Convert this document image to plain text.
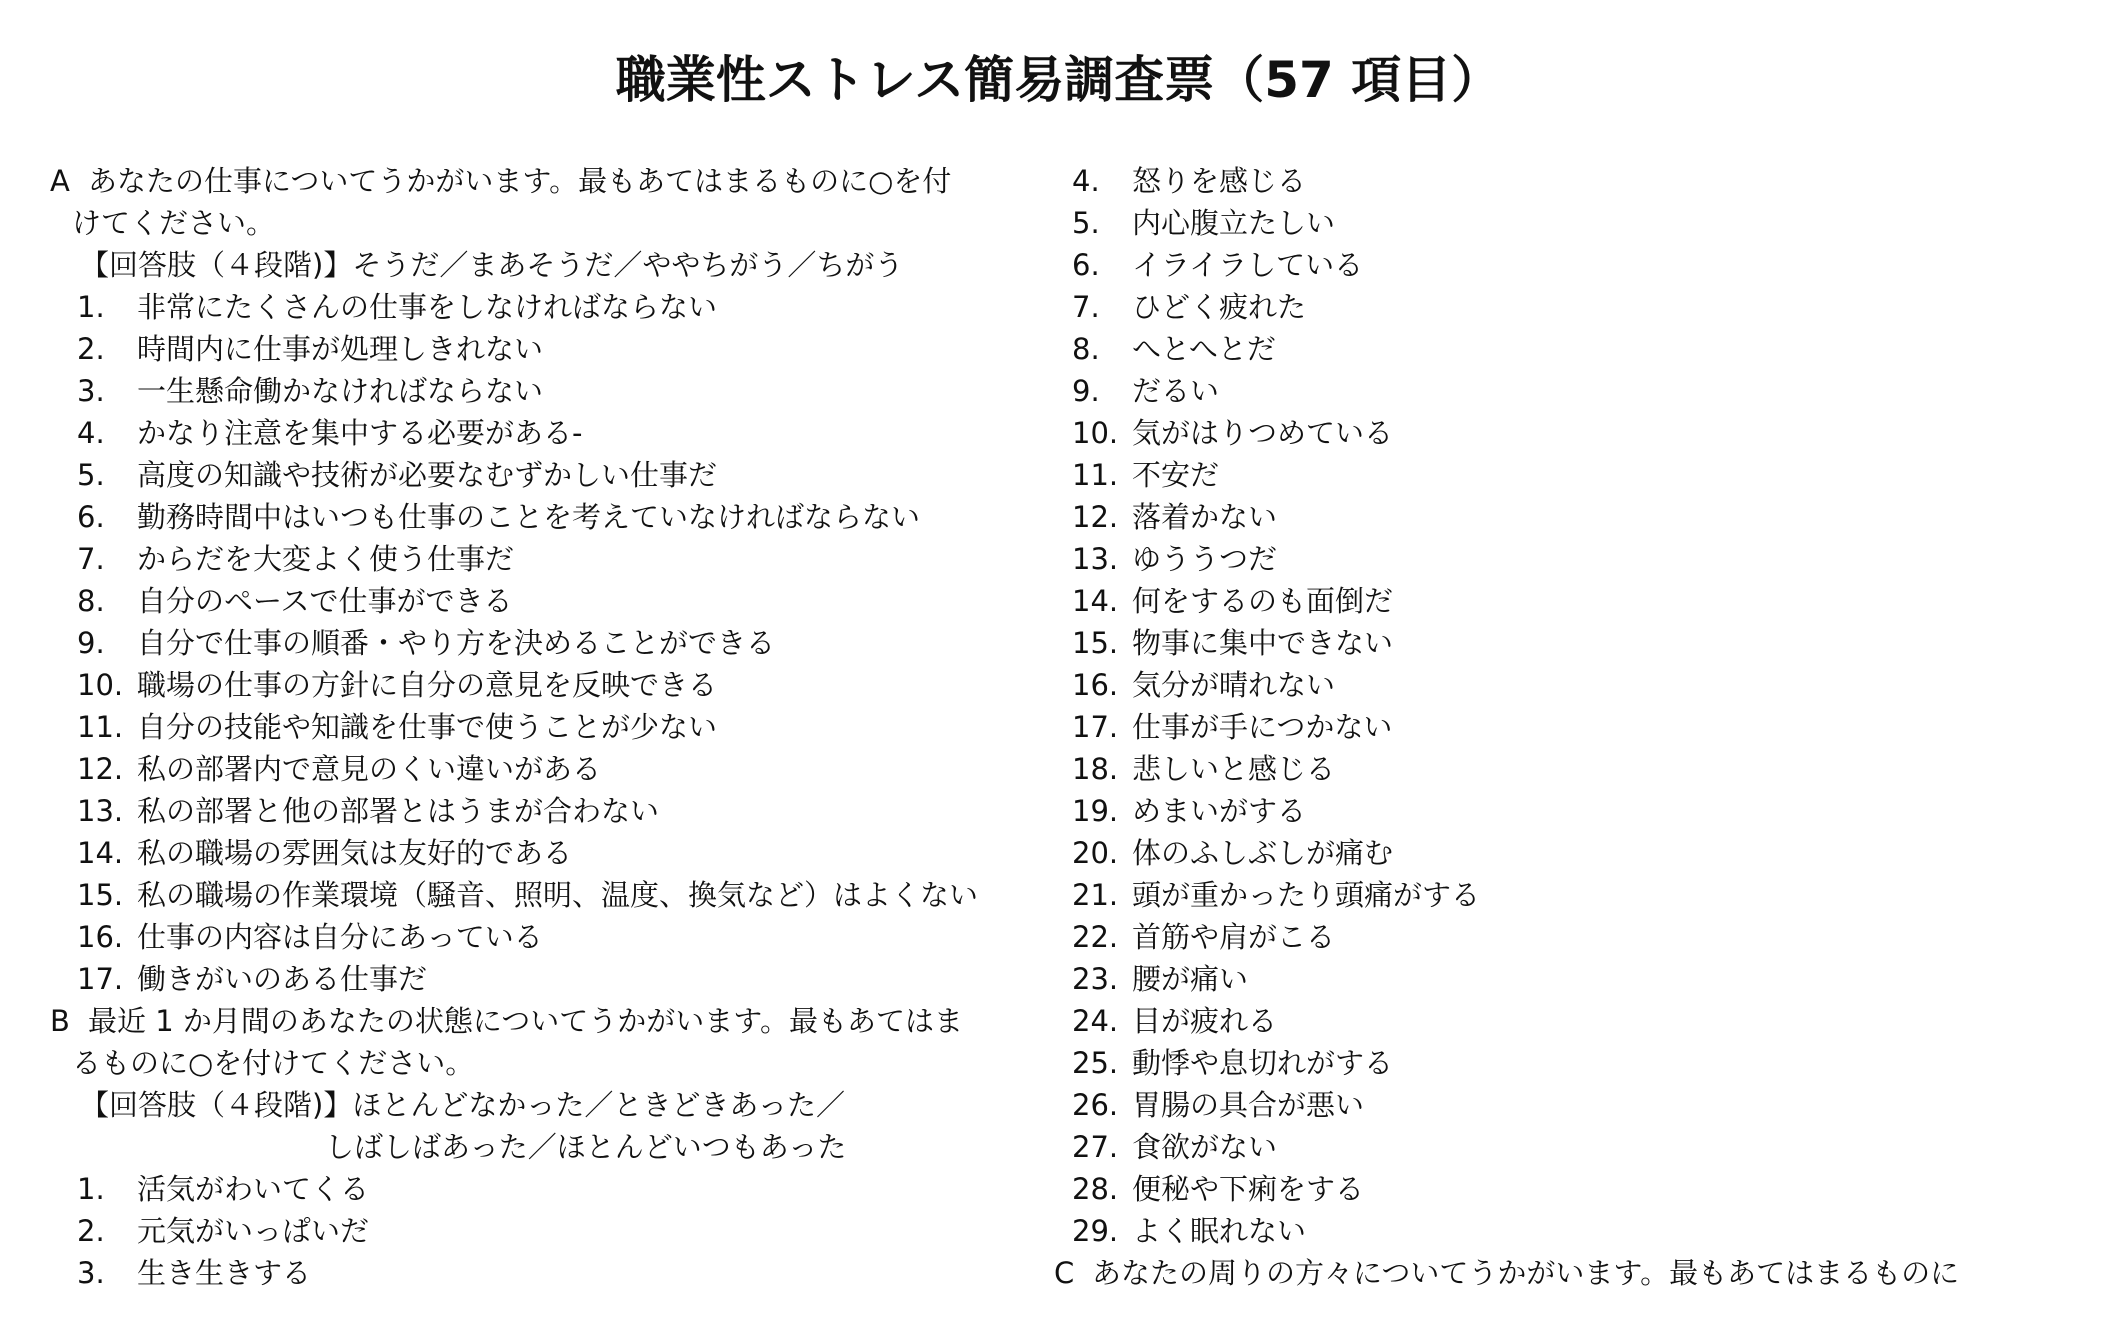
職業性ストレス簡易調査票（57 項目）
A あなたの仕事についてうかがいます。最もあてはまるものに○を付
けてください。
【回答肢（４段階)】そうだ／まあそうだ／ややちがう／ちがう
1.	非常にたくさんの仕事をしなければならない
2.	時間内に仕事が処理しきれない
3.	一生懸命働かなければならない
4.	かなり注意を集中する必要がある-
5.	高度の知識や技術が必要なむずかしい仕事だ
6.	勤務時間中はいつも仕事のことを考えていなければならない
7.	からだを大変よく使う仕事だ
8.	自分のペースで仕事ができる
9.	自分で仕事の順番・やり方を決めることができる
10. 職場の仕事の方針に自分の意見を反映できる
11. 自分の技能や知識を仕事で使うことが少ない
12. 私の部署内で意見のくい違いがある
13. 私の部署と他の部署とはうまが合わない
14. 私の職場の雰囲気は友好的である
15. 私の職場の作業環境（騒音、照明、温度、換気など）はよくない
16. 仕事の内容は自分にあっている
17. 働きがいのある仕事だ
B 最近 1 か月間のあなたの状態についてうかがいます。最もあてはま
るものに○を付けてください。
【回答肢（４段階)】ほとんどなかった／ときどきあった／
しばしばあった／ほとんどいつもあった
1.	活気がわいてくる
2.	元気がいっぱいだ
3.	生き生きする
4.	怒りを感じる
5.	内心腹立たしい
6.	イライラしている
7.	ひどく疲れた
8.	へとへとだ
9.	だるい
10. 気がはりつめている
11. 不安だ
12. 落着かない
13. ゆううつだ
14. 何をするのも面倒だ
15. 物事に集中できない
16. 気分が晴れない
17. 仕事が手につかない
18. 悲しいと感じる
19. めまいがする
20. 体のふしぶしが痛む
21. 頭が重かったり頭痛がする
22. 首筋や肩がこる
23. 腰が痛い
24. 目が疲れる
25. 動悸や息切れがする
26. 胃腸の具合が悪い
27. 食欲がない
28. 便秘や下痢をする
29. よく眠れない
C あなたの周りの方々についてうかがいます。最もあてはまるものに
